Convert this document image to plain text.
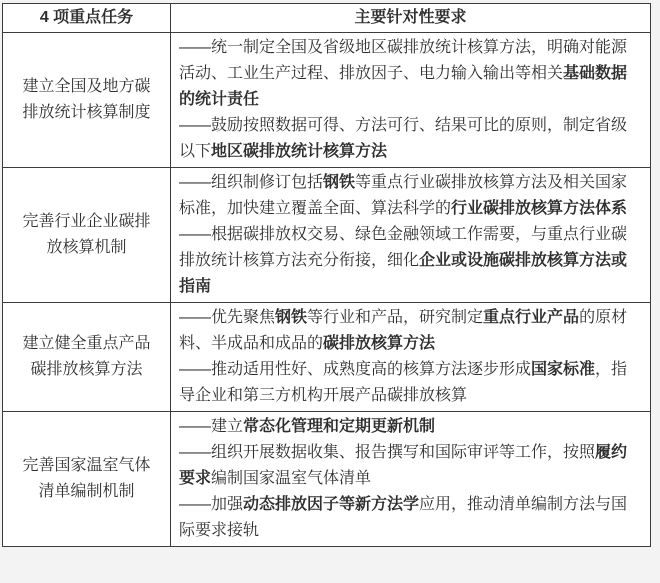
4 项重点任务	主要针对性要求
建立全国及地方碳排放统计核算制度	——统一制定全国及省级地区碳排放统计核算方法，明确对能源活动、工业生产过程、排放因子、电力输入输出等相关基础数据的统计责任

——鼓励按照数据可得、方法可行、结果可比的原则，制定省级以下地区碳排放统计核算方法

完善行业企业碳排放核算机制	——组织制修订包括钢铁等重点行业碳排放核算方法及相关国家标准，加快建立覆盖全面、算法科学的行业碳排放核算方法体系

——根据碳排放权交易、绿色金融领域工作需要，与重点行业碳排放统计核算方法充分衔接，细化企业或设施碳排放核算方法或指南

建立健全重点产品碳排放核算方法	——优先聚焦钢铁等行业和产品，研究制定重点行业产品的原材料、半成品和成品的碳排放核算方法

——推动适用性好、成熟度高的核算方法逐步形成国家标准，指导企业和第三方机构开展产品碳排放核算

完善国家温室气体清单编制机制	——建立常态化管理和定期更新机制

——组织开展数据收集、报告撰写和国际审评等工作，按照履约要求编制国家温室气体清单

——加强动态排放因子等新方法学应用，推动清单编制方法与国际要求接轨
